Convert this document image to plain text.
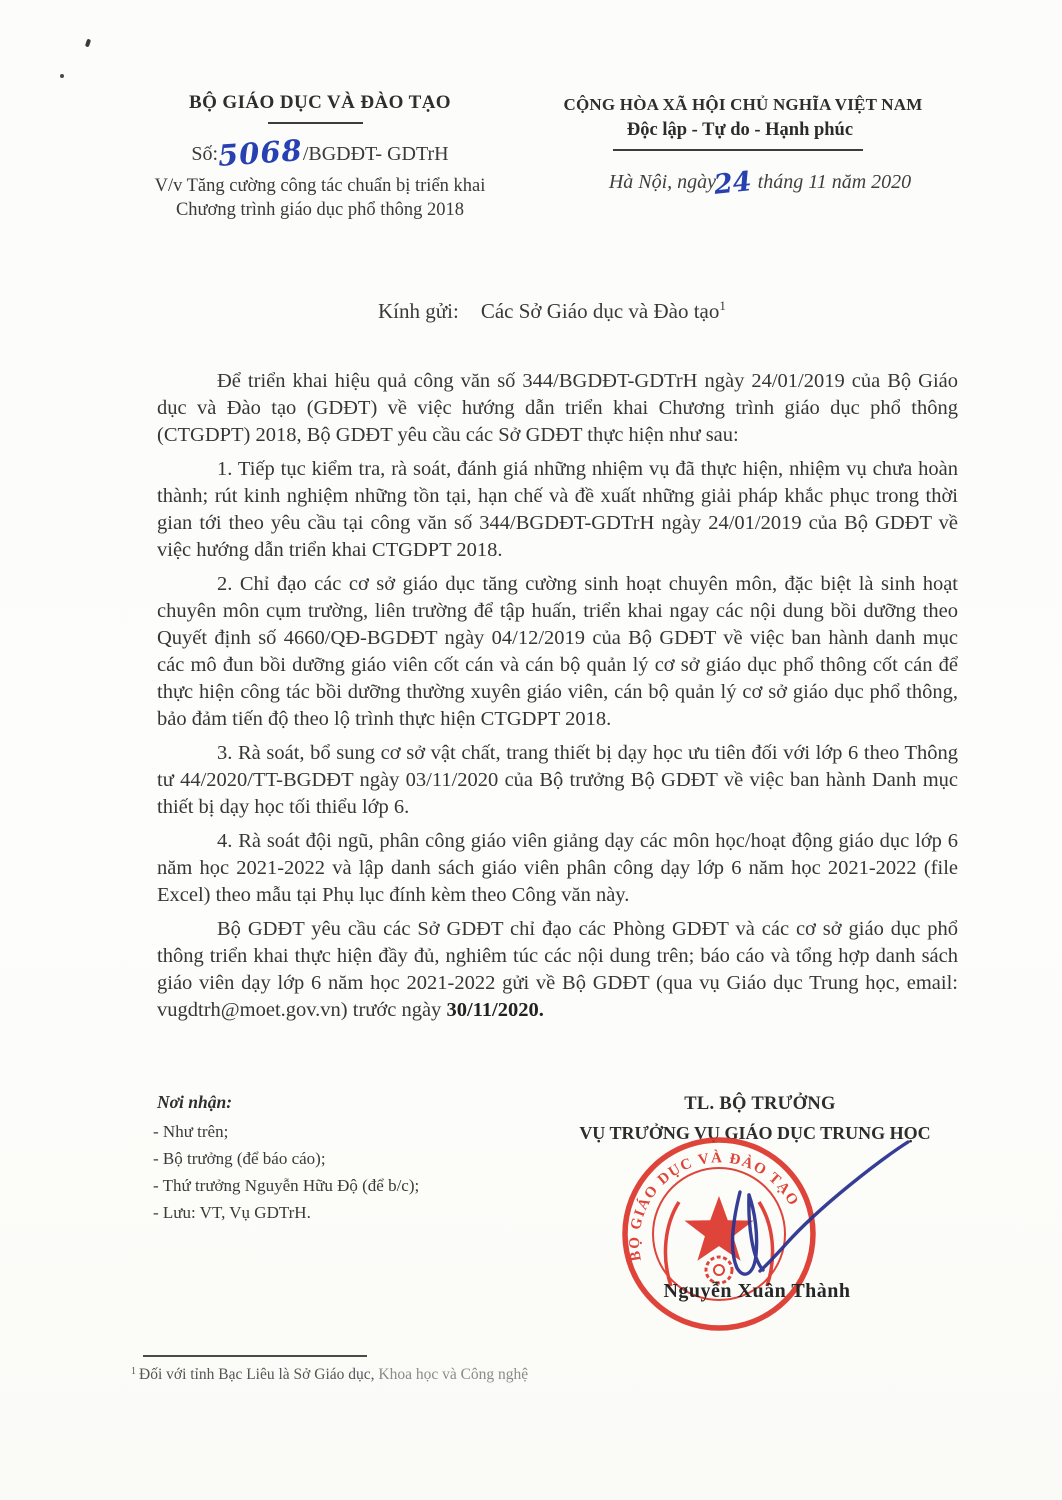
BỘ GIÁO DỤC VÀ ĐÀO TẠO
Số:5068/BGDĐT- GDTrH
V/v Tăng cường công tác chuẩn bị triển khai Chương trình giáo dục phổ thông 2018
CỘNG HÒA XÃ HỘI CHỦ NGHĨA VIỆT NAM
Độc lập - Tự do - Hạnh phúc
Hà Nội, ngày24 tháng 11 năm 2020
Kính gửi: Các Sở Giáo dục và Đào tạo$^1$

Để triển khai hiệu quả công văn số 344/BGDĐT-GDTrH ngày 24/01/2019 của Bộ Giáo dục và Đào tạo (GDĐT) về việc hướng dẫn triển khai Chương trình giáo dục phổ thông (CTGDPT) 2018, Bộ GDĐT yêu cầu các Sở GDĐT thực hiện như sau:

1. Tiếp tục kiểm tra, rà soát, đánh giá những nhiệm vụ đã thực hiện, nhiệm vụ chưa hoàn thành; rút kinh nghiệm những tồn tại, hạn chế và đề xuất những giải pháp khắc phục trong thời gian tới theo yêu cầu tại công văn số 344/BGDĐT-GDTrH ngày 24/01/2019 của Bộ GDĐT về việc hướng dẫn triển khai CTGDPT 2018.

2. Chỉ đạo các cơ sở giáo dục tăng cường sinh hoạt chuyên môn, đặc biệt là sinh hoạt chuyên môn cụm trường, liên trường để tập huấn, triển khai ngay các nội dung bồi dưỡng theo Quyết định số 4660/QĐ-BGDĐT ngày 04/12/2019 của Bộ GDĐT về việc ban hành danh mục các mô đun bồi dưỡng giáo viên cốt cán và cán bộ quản lý cơ sở giáo dục phổ thông cốt cán để thực hiện công tác bồi dưỡng thường xuyên giáo viên, cán bộ quản lý cơ sở giáo dục phổ thông, bảo đảm tiến độ theo lộ trình thực hiện CTGDPT 2018.

3. Rà soát, bổ sung cơ sở vật chất, trang thiết bị dạy học ưu tiên đối với lớp 6 theo Thông tư 44/2020/TT-BGDĐT ngày 03/11/2020 của Bộ trưởng Bộ GDĐT về việc ban hành Danh mục thiết bị dạy học tối thiểu lớp 6.

4. Rà soát đội ngũ, phân công giáo viên giảng dạy các môn học/hoạt động giáo dục lớp 6 năm học 2021-2022 và lập danh sách giáo viên phân công dạy lớp 6 năm học 2021-2022 (file Excel) theo mẫu tại Phụ lục đính kèm theo Công văn này.

Bộ GDĐT yêu cầu các Sở GDĐT chỉ đạo các Phòng GDĐT và các cơ sở giáo dục phổ thông triển khai thực hiện đầy đủ, nghiêm túc các nội dung trên; báo cáo và tổng hợp danh sách giáo viên dạy lớp 6 năm học 2021-2022 gửi về Bộ GDĐT (qua vụ Giáo dục Trung học, email: vugdtrh@moet.gov.vn) trước ngày 30/11/2020.

Nơi nhận:
- Như trên;
- Bộ trưởng (để báo cáo);
- Thứ trưởng Nguyễn Hữu Độ (để b/c);
- Lưu: VT, Vụ GDTrH.
TL. BỘ TRƯỞNG
VỤ TRƯỞNG VỤ GIÁO DỤC TRUNG HỌC
BỘ GIÁO DỤC VÀ ĐÀO TẠO
Nguyễn Xuân Thành
$^1$ Đối với tỉnh Bạc Liêu là Sở Giáo dục, Khoa học và Công nghệ
